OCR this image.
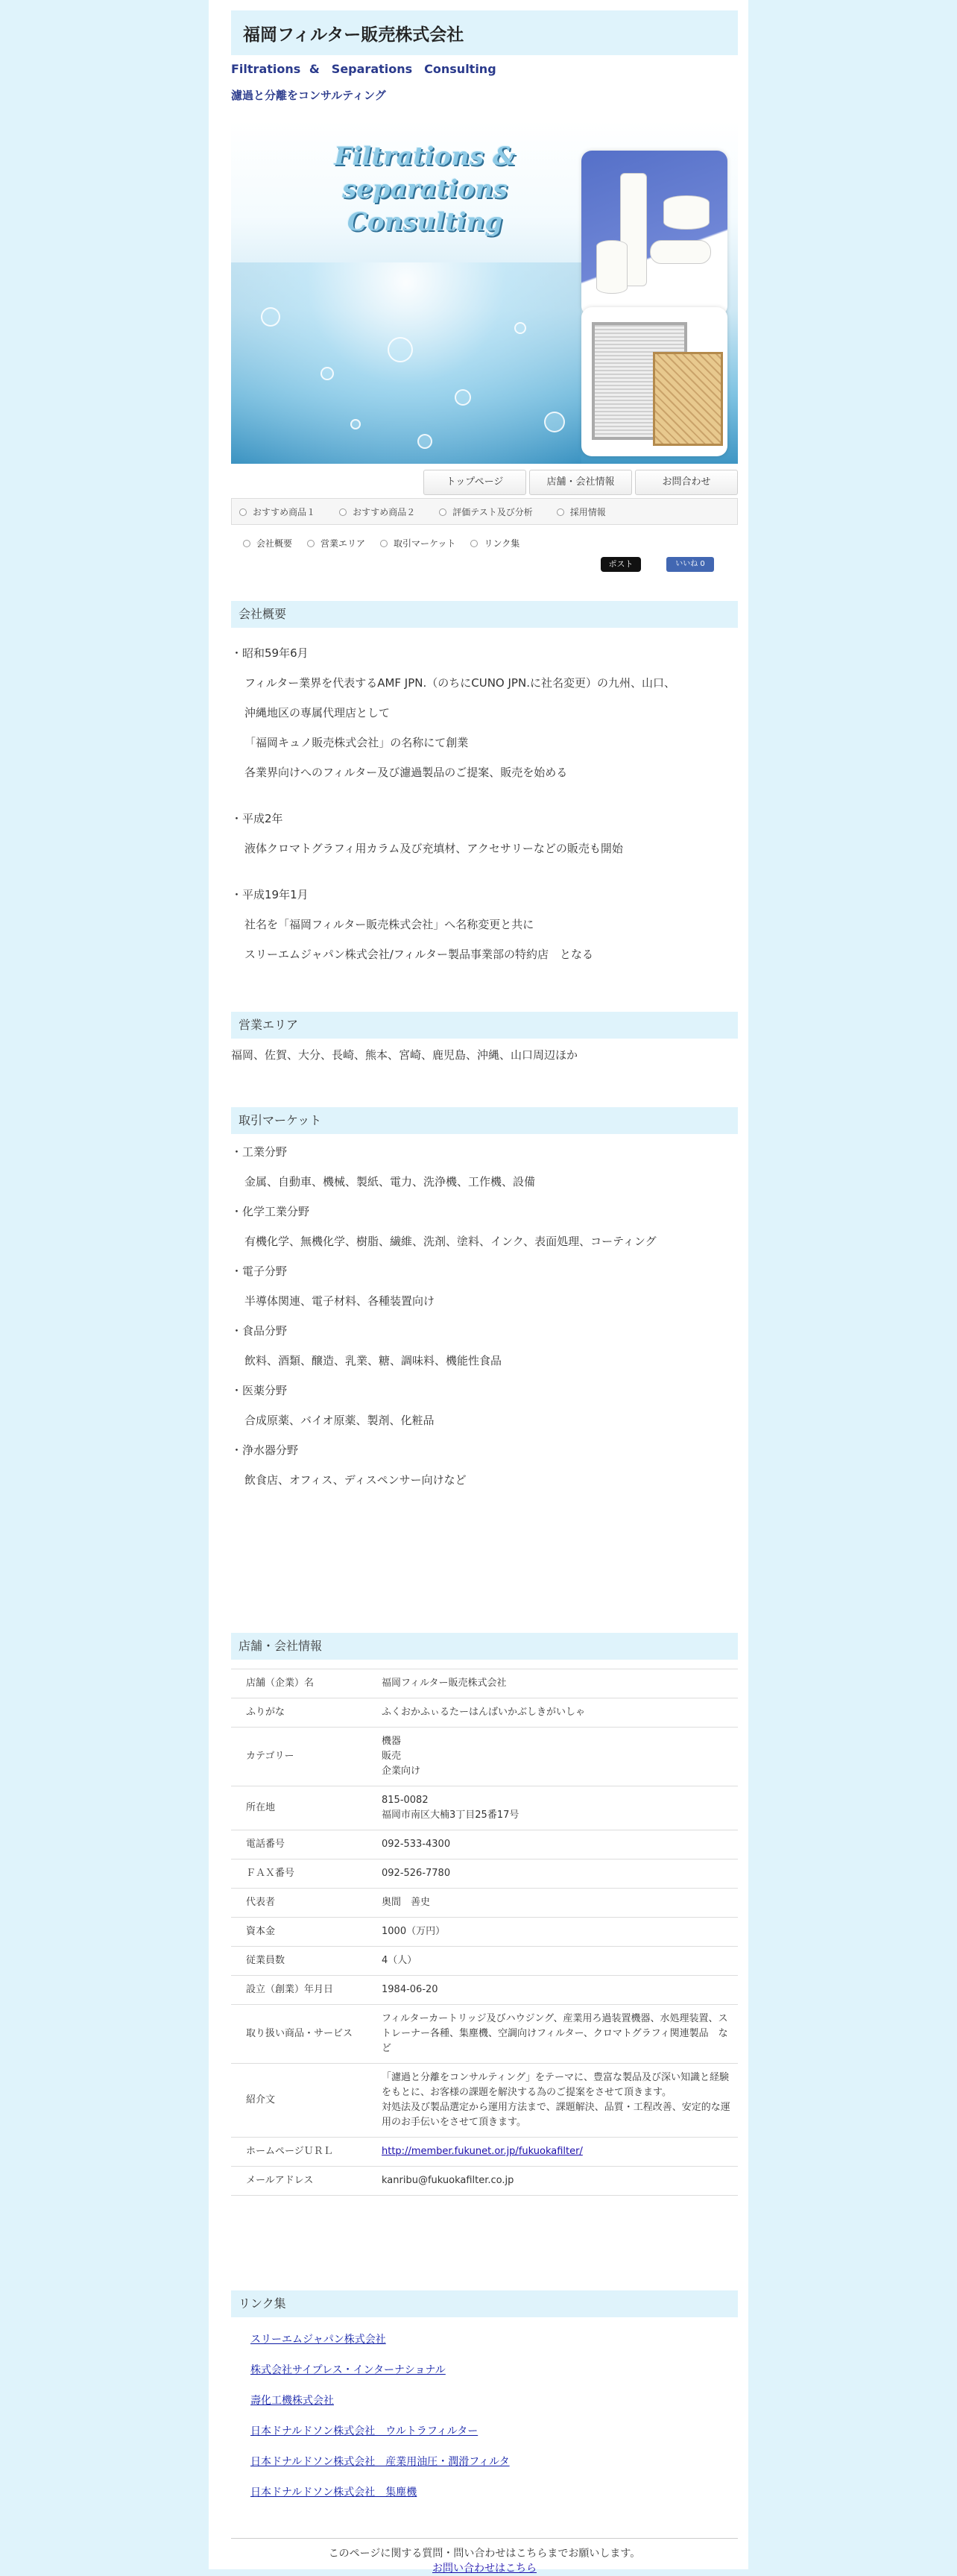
福岡フィルター販売株式会社
Filtrations &　Separations　Consulting
濾過と分離をコンサルティング
Filtrations & separations
Consulting
トップページ	店舗・会社情報	お問合わせ
おすすめ商品１	おすすめ商品２	評価テスト及び分析	採用情報
会社概要	営業エリア	取引マーケット	リンク集
ポスト	いいね 0
会社概要
・昭和59年6月
フィルター業界を代表するAMF JPN.（のちにCUNO JPN.に社名変更）の九州、山口、
沖縄地区の専属代理店として
「福岡キュノ販売株式会社」の名称にて創業
各業界向けへのフィルター及び濾過製品のご提案、販売を始める
・平成2年
液体クロマトグラフィ用カラム及び充填材、アクセサリーなどの販売も開始
・平成19年1月
社名を「福岡フィルター販売株式会社」へ名称変更と共に
スリーエムジャパン株式会社/フィルター製品事業部の特約店　となる
営業エリア
福岡、佐賀、大分、長崎、熊本、宮崎、鹿児島、沖縄、山口周辺ほか
取引マーケット
・工業分野
金属、自動車、機械、製紙、電力、洗浄機、工作機、設備
・化学工業分野
有機化学、無機化学、樹脂、繊維、洗剤、塗料、インク、表面処理、コーティング
・電子分野
半導体関連、電子材料、各種装置向け
・食品分野
飲料、酒類、醸造、乳業、糖、調味料、機能性食品
・医薬分野
合成原薬、バイオ原薬、製剤、化粧品
・浄水器分野
飲食店、オフィス、ディスペンサー向けなど
店舗・会社情報
店舗（企業）名	福岡フィルター販売株式会社

ふりがな	ふくおかふぃるたーはんばいかぶしきがいしゃ

カテゴリー	機器
販売
企業向け

所在地	815-0082
福岡市南区大楠3丁目25番17号

電話番号	092-533-4300

ＦＡＸ番号	092-526-7780

代表者	奥間　善史

資本金	1000（万円）

従業員数	4（人）

設立（創業）年月日	1984-06-20

取り扱い商品・サービス	フィルターカートリッジ及びハウジング、産業用ろ過装置機器、水処理装置、ストレーナー各種、集塵機、空調向けフィルター、クロマトグラフィ関連製品　など

紹介文	「濾過と分離をコンサルティング」をテーマに、豊富な製品及び深い知識と経験をもとに、お客様の課題を解決する為のご提案をさせて頂きます。
対処法及び製品選定から運用方法まで、課題解決、品質・工程改善、安定的な運用のお手伝いをさせて頂きます。

ホームページＵＲＬ	http://member.fukunet.or.jp/fukuokafilter/
メールアドレス	kanribu@fukuokafilter.co.jp
リンク集
スリーエムジャパン株式会社
株式会社サイプレス・インターナショナル
壽化工機株式会社
日本ドナルドソン株式会社　ウルトラフィルター
日本ドナルドソン株式会社　産業用油圧・潤滑フィルタ
日本ドナルドソン株式会社　集塵機
このページに関する質問・問い合わせはこちらまでお願いします。
お問い合わせはこちら
